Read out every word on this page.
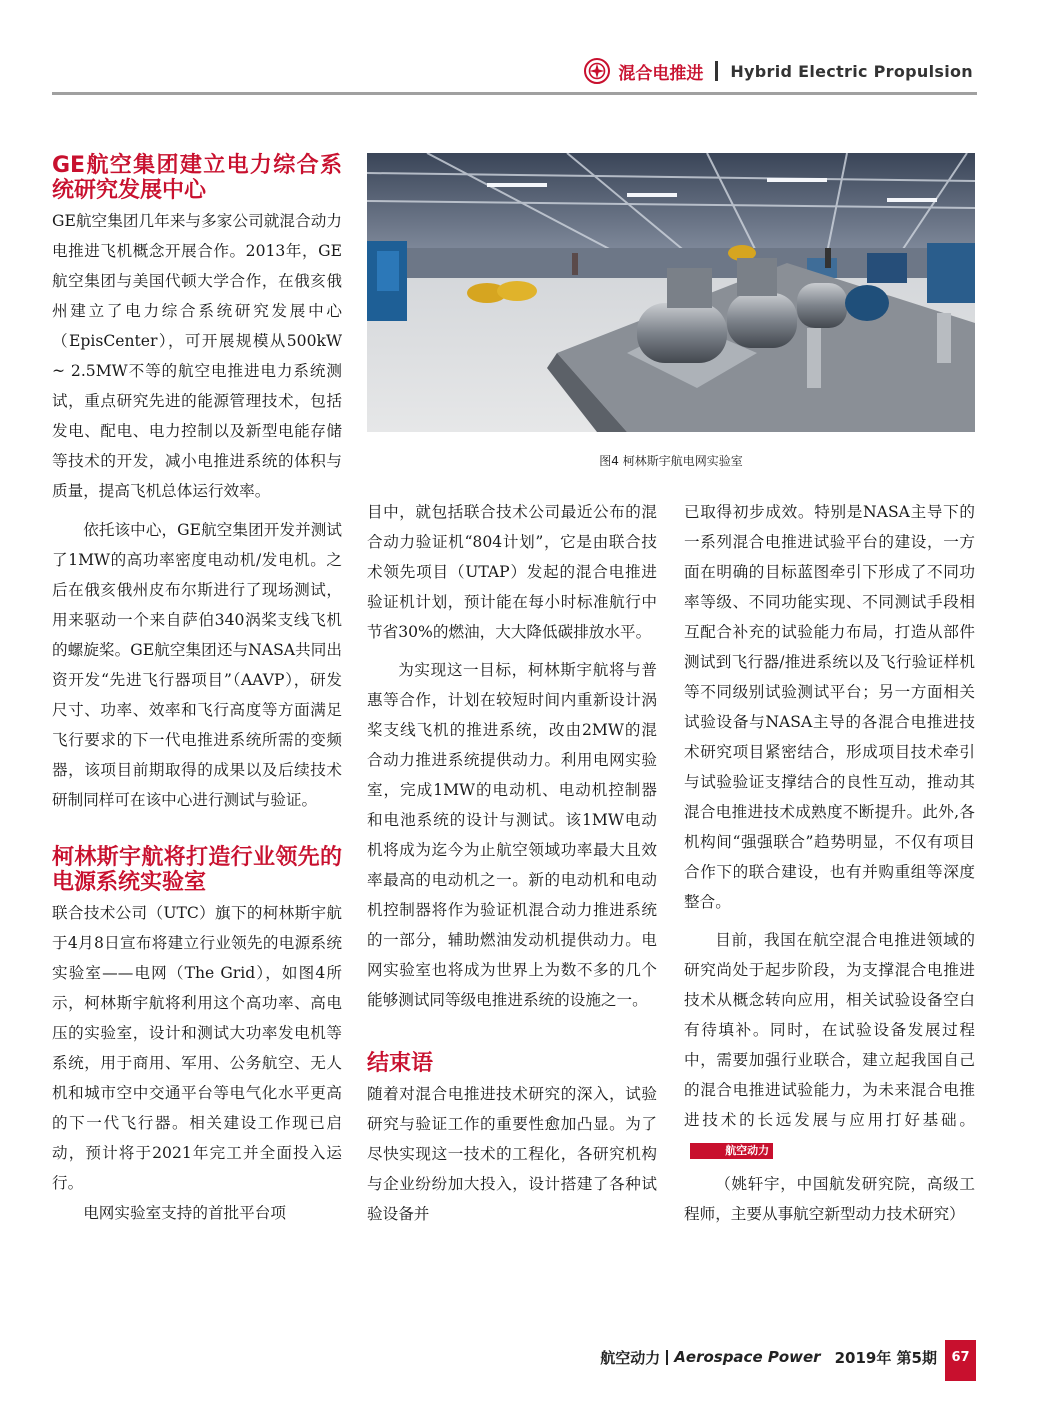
混合电推进 Hybrid Electric Propulsion
GE航空集团建立电力综合系统研究发展中心

GE航空集团几年来与多家公司就混合动力电推进飞机概念开展合作。2013年，GE航空集团与美国代顿大学合作，在俄亥俄州建立了电力综合系统研究发展中心（EpisCenter），可开展规模从500kW ~ 2.5MW不等的航空电推进电力系统测试，重点研究先进的能源管理技术，包括发电、配电、电力控制以及新型电能存储等技术的开发，减小电推进系统的体积与质量，提高飞机总体运行效率。

依托该中心，GE航空集团开发并测试了1MW的高功率密度电动机/发电机。之后在俄亥俄州皮布尔斯进行了现场测试，用来驱动一个来自萨伯340涡桨支线飞机的螺旋桨。GE航空集团还与NASA共同出资开发“先进飞行器项目”（AAVP），研发尺寸、功率、效率和飞行高度等方面满足飞行要求的下一代电推进系统所需的变频器，该项目前期取得的成果以及后续技术研制同样可在该中心进行测试与验证。

柯林斯宇航将打造行业领先的电源系统实验室

联合技术公司（UTC）旗下的柯林斯宇航于4月8日宣布将建立行业领先的电源系统实验室——电网（The Grid），如图4所示，柯林斯宇航将利用这个高功率、高电压的实验室，设计和测试大功率发电机等系统，用于商用、军用、公务航空、无人机和城市空中交通平台等电气化水平更高的下一代飞行器。相关建设工作现已启动，预计将于2021年完工并全面投入运行。

电网实验室支持的首批平台项

图4 柯林斯宇航电网实验室

目中，就包括联合技术公司最近公布的混合动力验证机“804计划”，它是由联合技术领先项目（UTAP）发起的混合电推进验证机计划，预计能在每小时标准航行中节省30%的燃油，大大降低碳排放水平。

为实现这一目标，柯林斯宇航将与普惠等合作，计划在较短时间内重新设计涡桨支线飞机的推进系统，改由2MW的混合动力推进系统提供动力。利用电网实验室，完成1MW的电动机、电动机控制器和电池系统的设计与测试。该1MW电动机将成为迄今为止航空领域功率最大且效率最高的电动机之一。新的电动机和电动机控制器将作为验证机混合动力推进系统的一部分，辅助燃油发动机提供动力。电网实验室也将成为世界上为数不多的几个能够测试同等级电推进系统的设施之一。

结束语

随着对混合电推进技术研究的深入，试验研究与验证工作的重要性愈加凸显。为了尽快实现这一技术的工程化，各研究机构与企业纷纷加大投入，设计搭建了各种试验设备并

已取得初步成效。特别是NASA主导下的一系列混合电推进试验平台的建设，一方面在明确的目标蓝图牵引下形成了不同功率等级、不同功能实现、不同测试手段相互配合补充的试验能力布局，打造从部件测试到飞行器/推进系统以及飞行验证样机等不同级别试验测试平台；另一方面相关试验设备与NASA主导的各混合电推进技术研究项目紧密结合，形成项目技术牵引与试验验证支撑结合的良性互动，推动其混合电推进技术成熟度不断提升。此外,各机构间“强强联合”趋势明显，不仅有项目合作下的联合建设，也有并购重组等深度整合。

目前，我国在航空混合电推进领域的研究尚处于起步阶段，为支撑混合电推进技术从概念转向应用，相关试验设备空白有待填补。同时，在试验设备发展过程中，需要加强行业联合，建立起我国自己的混合电推进试验能力，为未来混合电推进技术的长远发展与应用打好基础。航空动力

（姚轩宇，中国航发研究院，高级工程师，主要从事航空新型动力技术研究）

航空动力 Aerospace Power 2019年 第5期	67
